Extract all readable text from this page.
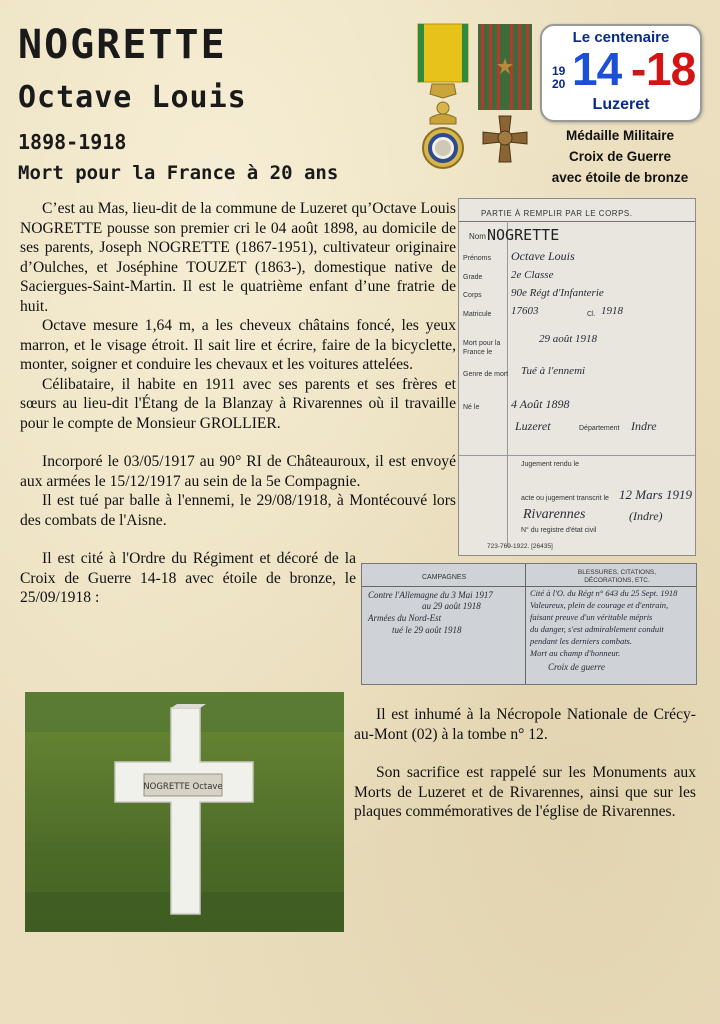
NOGRETTE
Octave Louis
1898-1918
Mort pour la France à 20 ans
Le centenaire
19
20 14 - 18
Luzeret
Médaille Militaire
Croix de Guerre
avec étoile de bronze

C’est au Mas, lieu-dit de la commune de Luzeret qu’Octave Louis NOGRETTE pousse son premier cri le 04 août 1898, au domicile de ses parents, Joseph NOGRETTE (1867-1951), cultivateur originaire d’Oulches, et Joséphine TOUZET (1863-), domestique native de Saciergues-Saint-Martin. Il est le quatrième enfant d’une fratrie de huit.

Octave mesure 1,64 m, a les cheveux châtains foncé, les yeux marron, et le visage étroit. Il sait lire et écrire, faire de la bicyclette, monter, soigner et conduire les chevaux et les voitures attelées.

Célibataire, il habite en 1911 avec ses parents et ses frères et sœurs au lieu-dit l'Étang de la Blanzay à Rivarennes où il travaille pour le compte de Monsieur GROLLIER.

Incorporé le 03/05/1917 au 90° RI de Châteauroux, il est envoyé aux armées le 15/12/1917 au sein de la 5e Compagnie.

Il est tué par balle à l'ennemi, le 29/08/1918, à Montécouvé lors des combats de l'Aisne.

Il est cité à l'Ordre du Régiment et décoré de la Croix de Guerre 14-18 avec étoile de bronze, le 25/09/1918 :

PARTIE À REMPLIR PAR LE CORPS.
Nom NOGRETTE
Prénoms Octave Louis
Grade	2e Classe
Corps	90e Régt d'Infanterie
Matricule 17603	Cl. 1918
Mort pour la France le
29 août 1918
Genre de mort Tué à l'ennemi
Né le	4 Août 1898
Luzeret	Département Indre
Jugement rendu le
acte ou jugement transcrit le 12 Mars 1919
Rivarennes	(Indre)
N° du registre d'état civil
723-769-1922. [26435]
CAMPAGNES
BLESSURES, CITATIONS, DÉCORATIONS, ETC.
Contre l'Allemagne du 3 Mai 1917
au 29 août 1918
Armées du Nord-Est
tué le 29 août 1918
Cité à l'O. du Régt n° 643 du 25 Sept. 1918
Valeureux, plein de courage et d'entrain,
faisant preuve d'un véritable mépris
du danger, s'est admirablement conduit
pendant les derniers combats.
Mort au champ d'honneur.
Croix de guerre
NOGRETTE Octave

Il est inhumé à la Nécropole Nationale de Crécy-au-Mont (02) à la tombe n° 12.

Son sacrifice est rappelé sur les Monuments aux Morts de Luzeret et de Rivarennes, ainsi que sur les plaques commémoratives de l'église de Rivarennes.
